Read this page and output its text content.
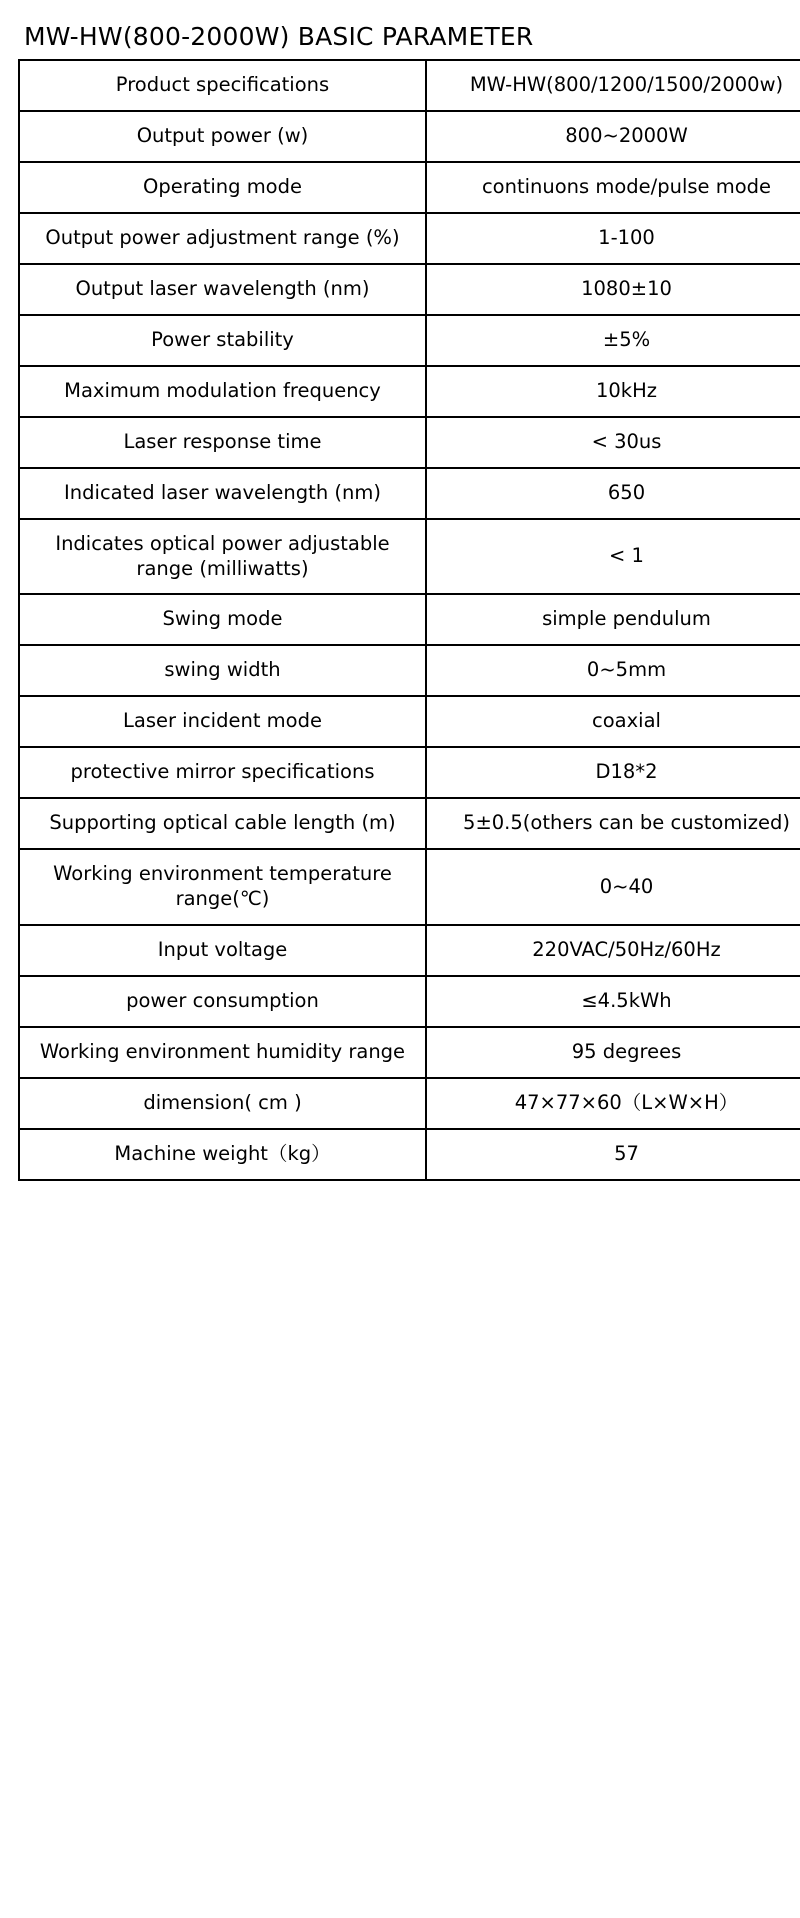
MW-HW(800-2000W) BASIC PARAMETER
Product specifications	MW-HW(800/1200/1500/2000w)
Output power (w)	800~2000W
Operating mode	continuons mode/pulse mode
Output power adjustment range (%)	1-100
Output laser wavelength (nm)	1080±10
Power stability	±5%
Maximum modulation frequency	10kHz
Laser response time	< 30us
Indicated laser wavelength (nm)	650
Indicates optical power adjustable range (milliwatts)	< 1
Swing mode	simple pendulum
swing width	0~5mm
Laser incident mode	coaxial
protective mirror specifications	D18*2
Supporting optical cable length (m)	5±0.5(others can be customized)
Working environment temperature range(℃)	0~40
Input voltage	220VAC/50Hz/60Hz
power consumption	≤4.5kWh
Working environment humidity range	95 degrees
dimension( cm )	47×77×60（L×W×H）
Machine weight（kg）	57
